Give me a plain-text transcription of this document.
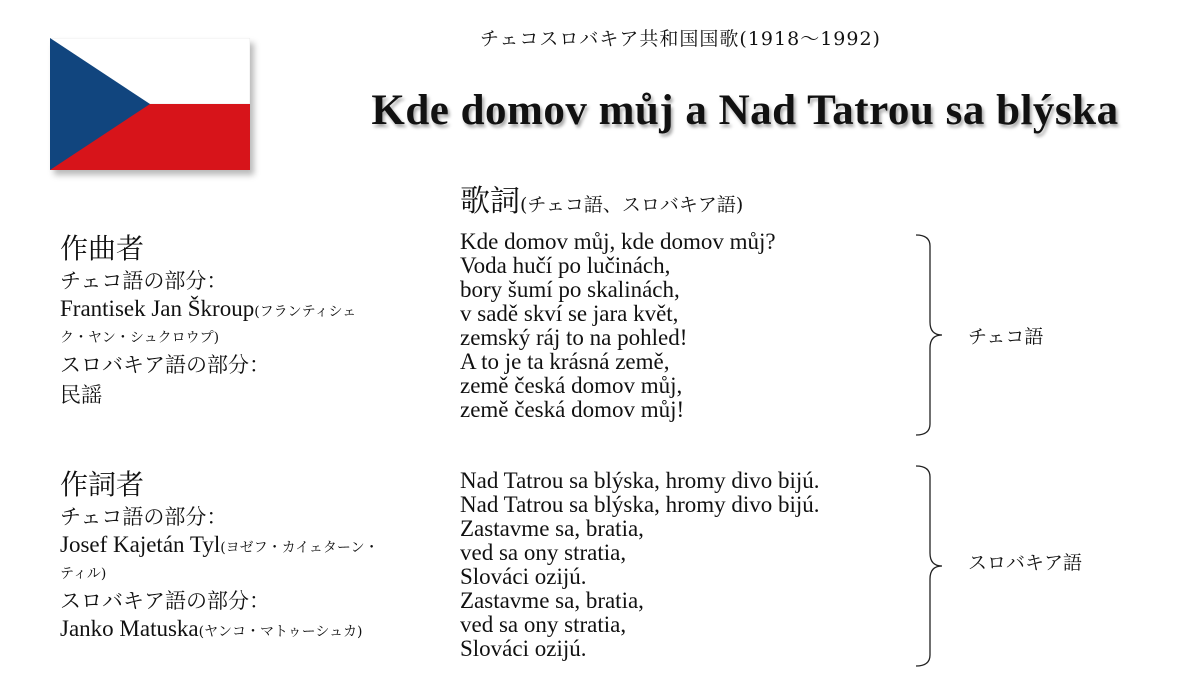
チェコスロバキア共和国国歌(1918〜1992)
Kde domov můj a Nad Tatrou sa blýska
歌詞(チェコ語、スロバキア語)
作曲者
チェコ語の部分：
Frantisek Jan Škroup(フランティシェク・ヤン・シュクロウプ)
スロバキア語の部分：
民謡
作詞者
チェコ語の部分：
Josef Kajetán Tyl(ヨゼフ・カイェターン・ティル)
スロバキア語の部分：
Janko Matuska(ヤンコ・マトゥーシュカ)
Kde domov můj, kde domov můj?
Voda hučí po lučinách,
bory šumí po skalinách,
v sadě skví se jara květ,
zemský ráj to na pohled!
A to je ta krásná země,
země česká domov můj,
země česká domov můj!
チェコ語
Nad Tatrou sa blýska, hromy divo bijú.
Nad Tatrou sa blýska, hromy divo bijú.
Zastavme sa, bratia,
ved sa ony stratia,
Slováci ozijú.
Zastavme sa, bratia,
ved sa ony stratia,
Slováci ozijú.
スロバキア語
